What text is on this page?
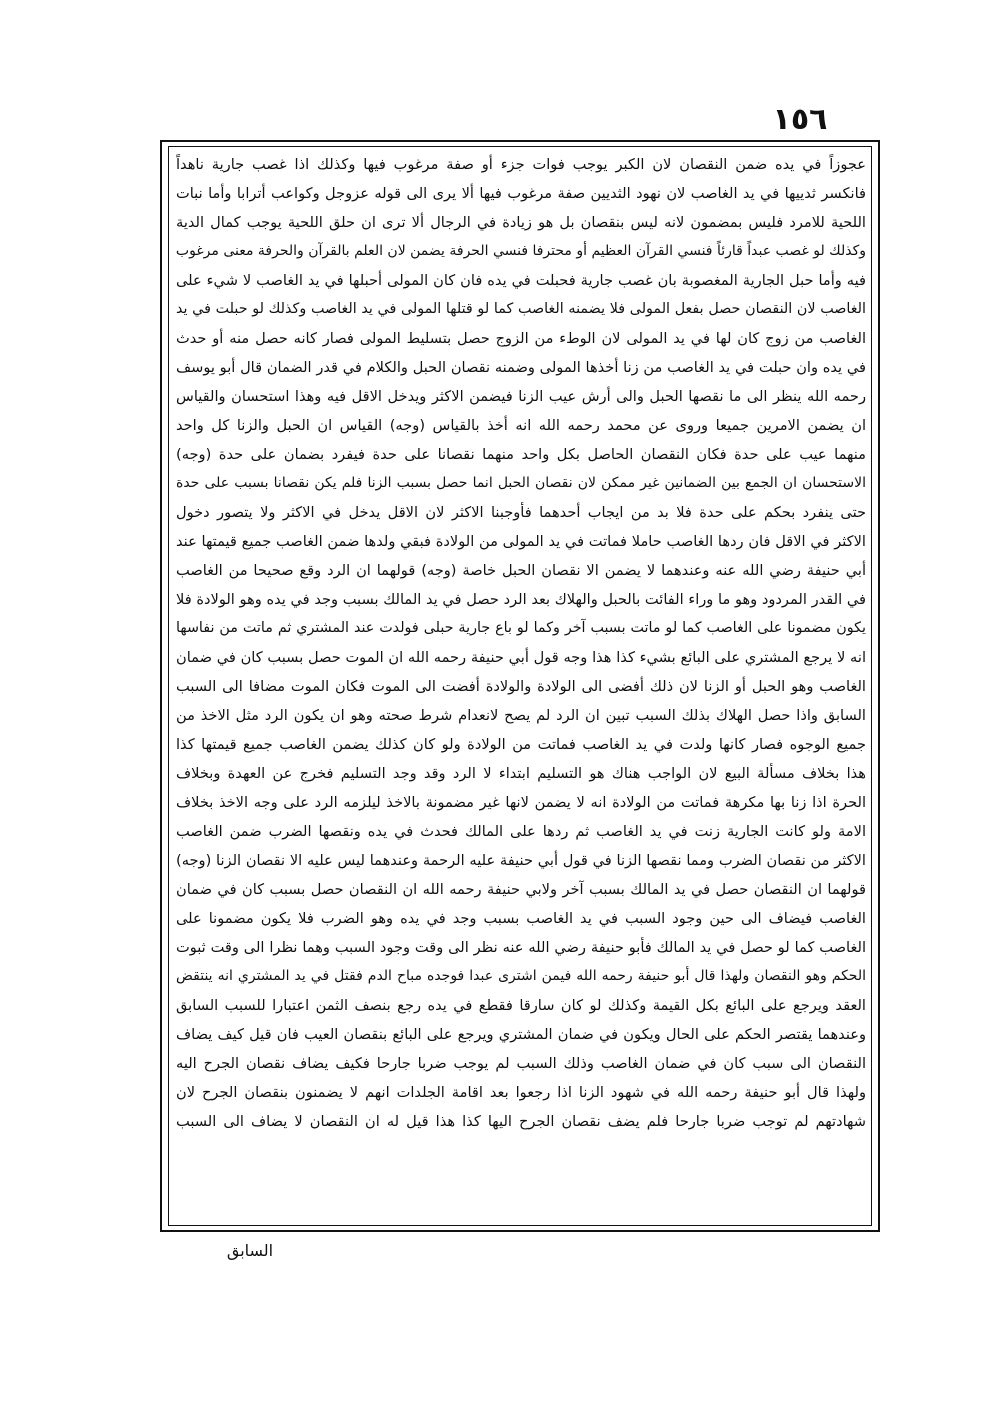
١٥٦
عجوزاً في يده ضمن النقصان لان الكبر يوجب فوات جزء أو صفة مرغوب فيها وكذلك اذا غصب جارية ناهداً
فانكسر ثدييها في يد الغاصب لان نهود الثديين صفة مرغوب فيها ألا يرى الى قوله عزوجل وكواعب أترابا وأما نبات
اللحية للامرد فليس بمضمون لانه ليس بنقصان بل هو زيادة في الرجال ألا ترى ان حلق اللحية يوجب كمال الدية
وكذلك لو غصب عبداً قارئاً فنسي القرآن العظيم أو محترفا فنسي الحرفة يضمن لان العلم بالقرآن والحرفة معنى مرغوب
فيه وأما حبل الجارية المغصوبة بان غصب جارية فحبلت في يده فان كان المولى أحبلها في يد الغاصب لا شيء على
الغاصب لان النقصان حصل بفعل المولى فلا يضمنه الغاصب كما لو قتلها المولى في يد الغاصب وكذلك لو حبلت في يد
الغاصب من زوج كان لها في يد المولى لان الوطء من الزوج حصل بتسليط المولى فصار كانه حصل منه أو حدث
في يده وان حبلت في يد الغاصب من زنا أخذها المولى وضمنه نقصان الحبل والكلام في قدر الضمان قال أبو يوسف
رحمه الله ينظر الى ما نقصها الحبل والى أرش عيب الزنا فيضمن الاكثر ويدخل الاقل فيه وهذا استحسان والقياس
ان يضمن الامرين جميعا وروى عن محمد رحمه الله انه أخذ بالقياس (وجه) القياس ان الحبل والزنا كل واحد
منهما عيب على حدة فكان النقصان الحاصل بكل واحد منهما نقصانا على حدة فيفرد بضمان على حدة (وجه)
الاستحسان ان الجمع بين الضمانين غير ممكن لان نقصان الحبل انما حصل بسبب الزنا فلم يكن نقصانا بسبب على حدة
حتى ينفرد بحكم على حدة فلا بد من ايجاب أحدهما فأوجبنا الاكثر لان الاقل يدخل في الاكثر ولا يتصور دخول
الاكثر في الاقل فان ردها الغاصب حاملا فماتت في يد المولى من الولادة فبقي ولدها ضمن الغاصب جميع قيمتها عند
أبي حنيفة رضي الله عنه وعندهما لا يضمن الا نقصان الحبل خاصة (وجه) قولهما ان الرد وقع صحيحا من الغاصب
في القدر المردود وهو ما وراء الفائت بالحبل والهلاك بعد الرد حصل في يد المالك بسبب وجد في يده وهو الولادة فلا
يكون مضمونا على الغاصب كما لو ماتت بسبب آخر وكما لو باع جارية حبلى فولدت عند المشتري ثم ماتت من نفاسها
انه لا يرجع المشتري على البائع بشيء كذا هذا وجه قول أبي حنيفة رحمه الله ان الموت حصل بسبب كان في ضمان
الغاصب وهو الحبل أو الزنا لان ذلك أفضى الى الولادة والولادة أفضت الى الموت فكان الموت مضافا الى السبب
السابق واذا حصل الهلاك بذلك السبب تبين ان الرد لم يصح لانعدام شرط صحته وهو ان يكون الرد مثل الاخذ من
جميع الوجوه فصار كانها ولدت في يد الغاصب فماتت من الولادة ولو كان كذلك يضمن الغاصب جميع قيمتها كذا
هذا بخلاف مسألة البيع لان الواجب هناك هو التسليم ابتداء لا الرد وقد وجد التسليم فخرج عن العهدة وبخلاف
الحرة اذا زنا بها مكرهة فماتت من الولادة انه لا يضمن لانها غير مضمونة بالاخذ ليلزمه الرد على وجه الاخذ بخلاف
الامة ولو كانت الجارية زنت في يد الغاصب ثم ردها على المالك فحدث في يده ونقصها الضرب ضمن الغاصب
الاكثر من نقصان الضرب ومما نقصها الزنا في قول أبي حنيفة عليه الرحمة وعندهما ليس عليه الا نقصان الزنا (وجه)
قولهما ان النقصان حصل في يد المالك بسبب آخر ولابي حنيفة رحمه الله ان النقصان حصل بسبب كان في ضمان
الغاصب فيضاف الى حين وجود السبب في يد الغاصب بسبب وجد في يده وهو الضرب فلا يكون مضمونا على
الغاصب كما لو حصل في يد المالك فأبو حنيفة رضي الله عنه نظر الى وقت وجود السبب وهما نظرا الى وقت ثبوت
الحكم وهو النقصان ولهذا قال أبو حنيفة رحمه الله فيمن اشترى عبدا فوجده مباح الدم فقتل في يد المشتري انه ينتقض
العقد ويرجع على البائع بكل القيمة وكذلك لو كان سارقا فقطع في يده رجع بنصف الثمن اعتبارا للسبب السابق
وعندهما يقتصر الحكم على الحال ويكون في ضمان المشتري ويرجع على البائع بنقصان العيب فان قيل كيف يضاف
النقصان الى سبب كان في ضمان الغاصب وذلك السبب لم يوجب ضربا جارحا فكيف يضاف نقصان الجرح اليه
ولهذا قال أبو حنيفة رحمه الله في شهود الزنا اذا رجعوا بعد اقامة الجلدات انهم لا يضمنون بنقصان الجرح لان
شهادتهم لم توجب ضربا جارحا فلم يضف نقصان الجرح اليها كذا هذا قيل له ان النقصان لا يضاف الى السبب
السابق
